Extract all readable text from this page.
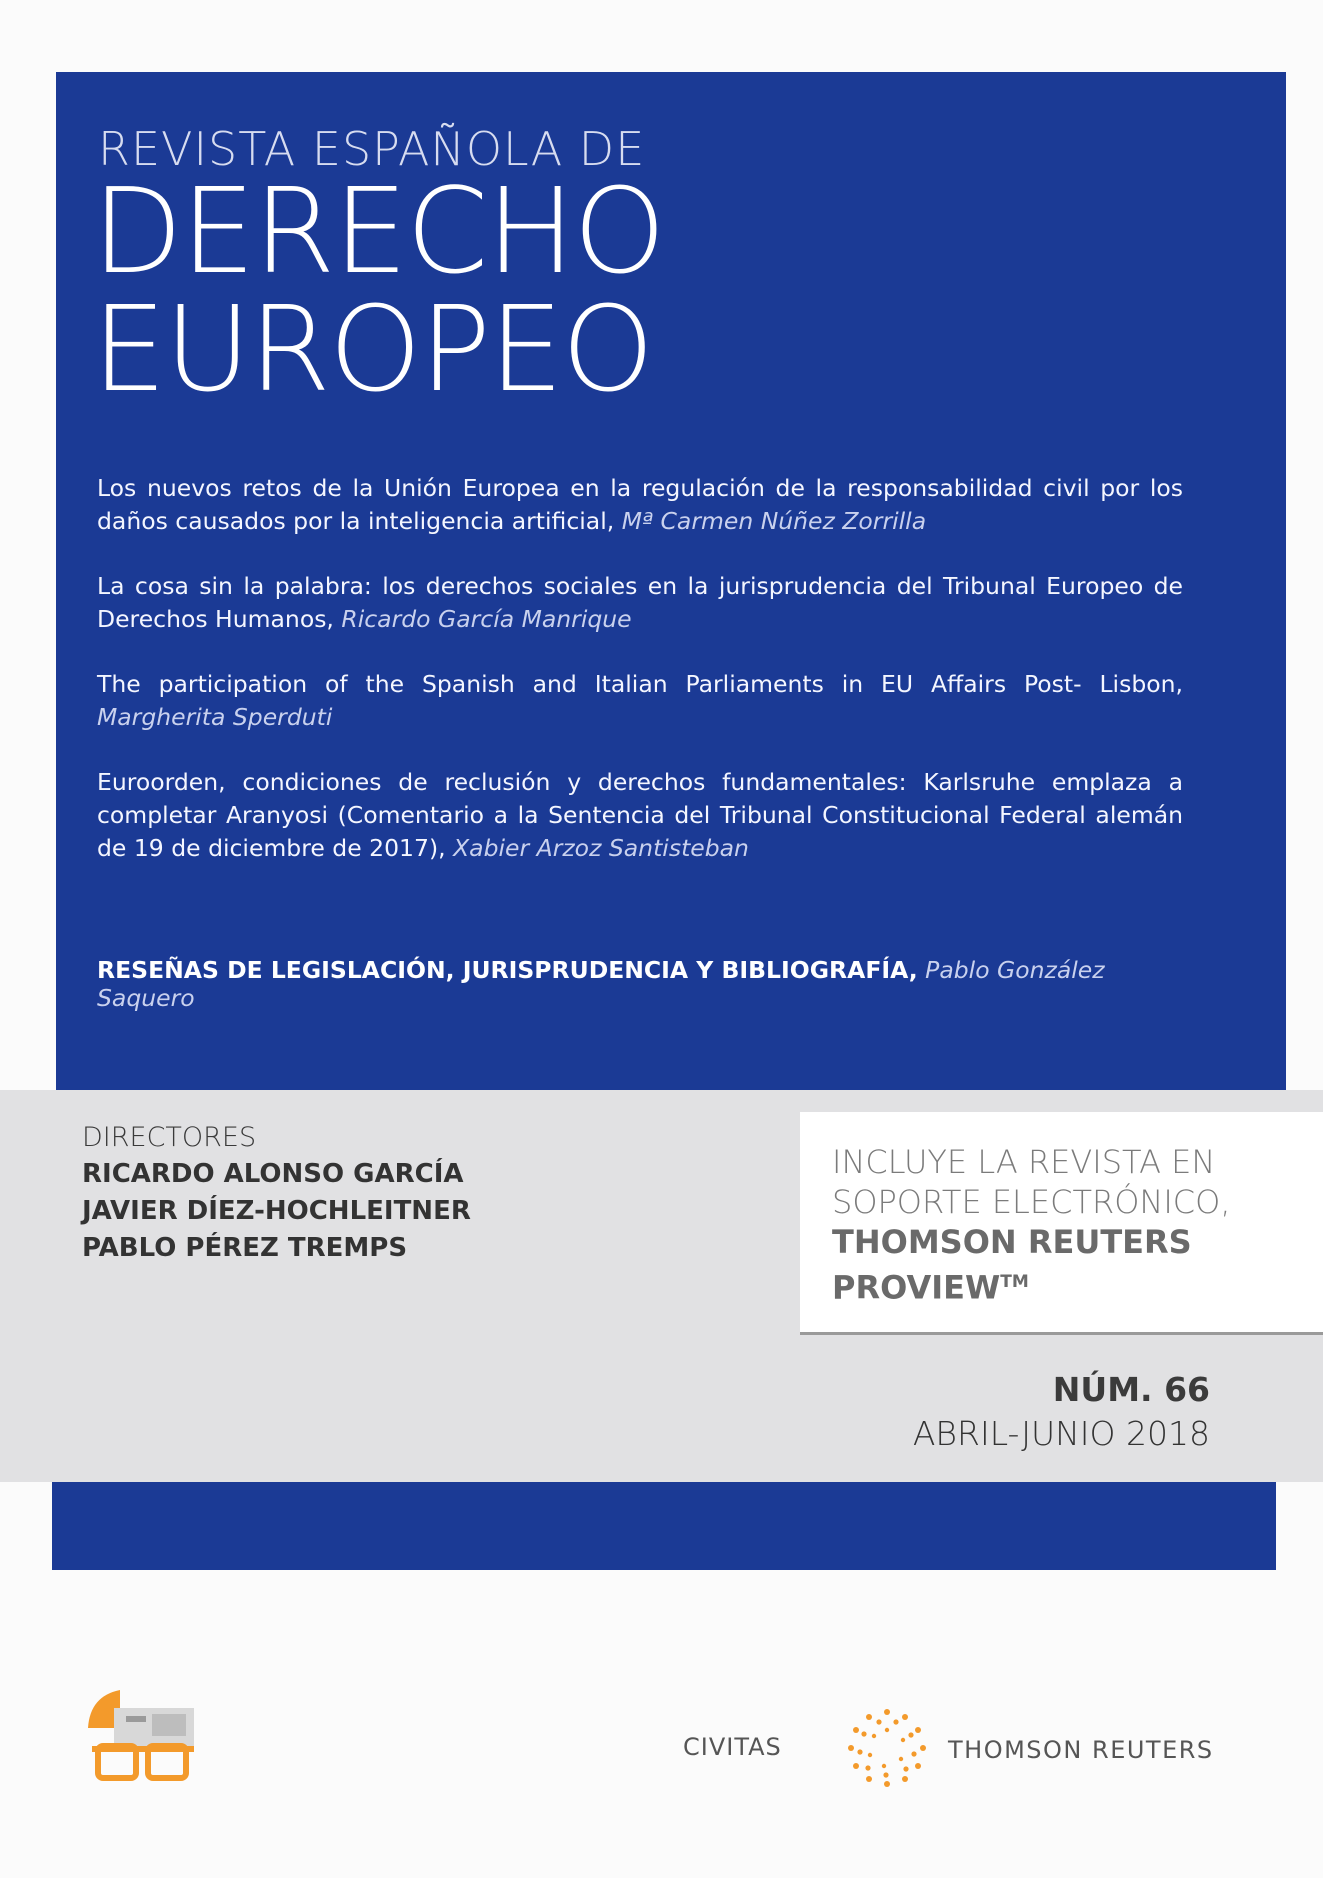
REVISTA ESPAÑOLA DE
DERECHO
EUROPEO

Los nuevos retos de la Unión Europea en la regulación de la responsabilidad civil por los daños causados por la inteligencia artificial, Mª Carmen Núñez Zorrilla

La cosa sin la palabra: los derechos sociales en la jurisprudencia del Tribunal Europeo de Derechos Humanos, Ricardo García Manrique

The participation of the Spanish and Italian Parliaments in EU Affairs Post- Lisbon, Margherita Sperduti

Euroorden, condiciones de reclusión y derechos fundamentales: Karlsruhe emplaza a completar Aranyosi (Comentario a la Sentencia del Tribunal Constitucional Federal alemán de 19 de diciembre de 2017), Xabier Arzoz Santisteban

RESEÑAS DE LEGISLACIÓN, JURISPRUDENCIA Y BIBLIOGRAFÍA, Pablo González Saquero
DIRECTORES
RICARDO ALONSO GARCÍA
JAVIER DÍEZ-HOCHLEITNER
PABLO PÉREZ TREMPS
INCLUYE LA REVISTA EN
SOPORTE ELECTRÓNICO,
THOMSON REUTERS
PROVIEW™
NÚM. 66
ABRIL-JUNIO 2018
CIVITAS	THOMSON REUTERS
